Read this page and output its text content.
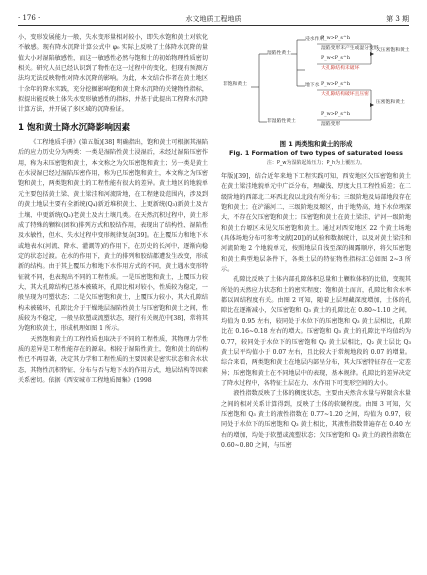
· 176 ·	水文地质工程地质	第 3 期

小，变形发展能力一般，失水变形量相对较小，即失水饱和黄土对软化不敏感。现有降水沉降计算公式中 φ₀ 实际上反映了土体降水沉降的量值大小对湿陷敏感性，而这一敏感性必然与饱和土的初始物理性质密切相关。研究人员已经认识到了物性在这一过程中的变化，但现有预测方法均无法反映物性对降水沉降的影响。为此，本文结合作者在黄土地区十余年的降水实践，充分挖掘影响饱和黄土降水沉降的关键物性指标，拟提出能反映土体失水变形敏感性的指标，并基于此提出工程降水沉降计算方法，并开展了多区域的沉降验证。

1 饱和黄土降水沉降影响因素

《工程地质手册》(第五版)[38] 明确指出，饱和黄土可根据其湿陷后的应力历史分为两类：一类是湿陷性黄土浸湿后，未经过湿陷压密作用，称为未压密饱和黄土，本文称之为欠压密饱和黄土；另一类是黄土在水浸湿已经过湿陷压密作用，称为已压密饱和黄土，本文称之为压密饱和黄土，两类饱和黄土的工程性能有很大的差异。黄土地区的地貌单元主要包括黄土梁、黄土梁洼和河流阶地，在工程建设范围内，涉及到的黄土地层主要有全新统(Q₄)新近堆积黄土、上更新统(Q₃)新黄土及古土壤、中更新统(Q₂)老黄土及古土壤几类。在天然沉积过程中，黄土形成了特殊的颗粒(团粒)排列方式和胶结作用，表现出了结构性、湿陷性及水敏性，但水、失水过程中变形规律复杂[39]。在上覆压力和地下水或地表水(河流、降水、灌溉等)的作用下，在历史的长河中，逐渐向稳定的状态过渡。在水的作用下，黄土的排列和胶结都遭发生改变，形成新的结构。由于其上覆压力和地下水作用方式的不同，黄土遇水变形特征就不同，也表现出不同的工程性质。一是压密饱和黄土，上覆压力较大，其大孔隙结构已基本被破坏，孔隙比相对较小，性质较为稳定，一般呈现为可塑状态；二是欠压密饱和黄土，上覆压力较小，其大孔隙结构未被破坏，孔隙比介于干燥地层湿陷性黄土与压密饱和黄土之间，性质较为不稳定，一般呈软塑或流塑状态，现行有关规范中[38]，常将其为饱和软黄土，形成机理如图 1 所示。

天然饱和黄土的工程性质也取决于不同的工程性质，其物理力学性质的差异是工程性能存在的源泉。相较于湿陷性黄土，饱和黄土的结构性已不再显著，决定其力学和工程性质的主要因素是密实状态和含水状态，其物性沉积特征、分布与否与地下水的作用方式，地层结构等因素关系密切。依据《西安城市工程地质图集》(1998

非饱和黄土
湿陷性黄土
非湿陷性黄土
浸水作用
地下水
P_w>P_s^h
湿陷变形未产生或湿分变形
P_w<P_s^h
大孔隙结构未破坏
P_w>P_s^h
大孔隙结构破坏且压密
P_w>P_s^h
湿陷变形
欠压密饱和黄土
压密饱和黄土
图 1 两类饱和黄土的形成
Fig. 1 Formation of two types of saturated loess
注：P_w为湿陷起始压力；P_h为上覆压力。

年版)[39]，结合近年来地下工程实践可知，西安地区欠压密饱和黄土在黄土梁洼地貌单元中广泛分布，埋藏浅、厚度大且工程性质差；在二级阶地的西部北二环西北段以北段有所分布；三级阶地及局部地段存在饱和黄土；在浐灞河二、三级阶地及塬区，由于地势高，地下水位埋深大，不存在欠压密饱和黄土；压密饱和黄土在黄土梁洼、浐河一级阶地和黄土台塬区未见欠压密饱和黄土。通过对西安地区 22 个黄土场地(具体场地分布可参考文献[20])的试验和数据统计，以及对黄土梁洼和河流阶地 2 个地貌单元，按照地层自浅至深的揭露顺序，将欠压密饱和黄土典型地层条件下，各类土层的特征物性指标汇总如图 2~3 所示。

孔隙比反映了土体内部孔隙体积总量和土颗粒体积的比值，变现其所处的天然应力状态和土的密实程度；饱和黄土而言，孔隙比和含水率都以固结程度有关。由图 2 可知，随着上层埋藏深度增加，土体的孔隙比在逐渐减小，欠压密饱和 Q₃ 黄土的孔隙比在 0.80~1.10 之间，均值为 0.95 左右，较同处于水位下的压密饱和 Q₃ 黄土层相比，孔隙比在 0.16~0.18 左右的增大。压密饱和 Q₃ 黄土的孔隙比平均值约为 0.77，较同处于水位下的压密饱和 Q₂ 黄土层相比，Q₂ 黄土层比 Q₃ 黄土层平均值小于 0.07 左右，且比较大于常规地段的 0.07 的增量。综合来看，两类饱和黄土在地层内部呈分布，其大压密特征存在一定差异；压密饱和黄土在不同地层中的表现，基本规律。孔隙比的差异决定了降水过程中，各特征土层在力、水作用下可变形空间的大小。

液性指数反映了土体的稠度状态，主要由天然含水量与界限含水量之间的相对关系计算得到，反映了土体的软硬程度。由图 3 可知，欠压密饱和 Q₃ 黄土的液性指数在 0.77~1.20 之间，均值为 0.97，较同处于水位下的压密饱和 Q₃ 黄土相比，其液性指数普遍存在 0.40 左右的增加，均处于软塑或流塑状态；欠压密饱和 Q₃ 黄土的液性指数在 0.60~0.80 之间，与压密
